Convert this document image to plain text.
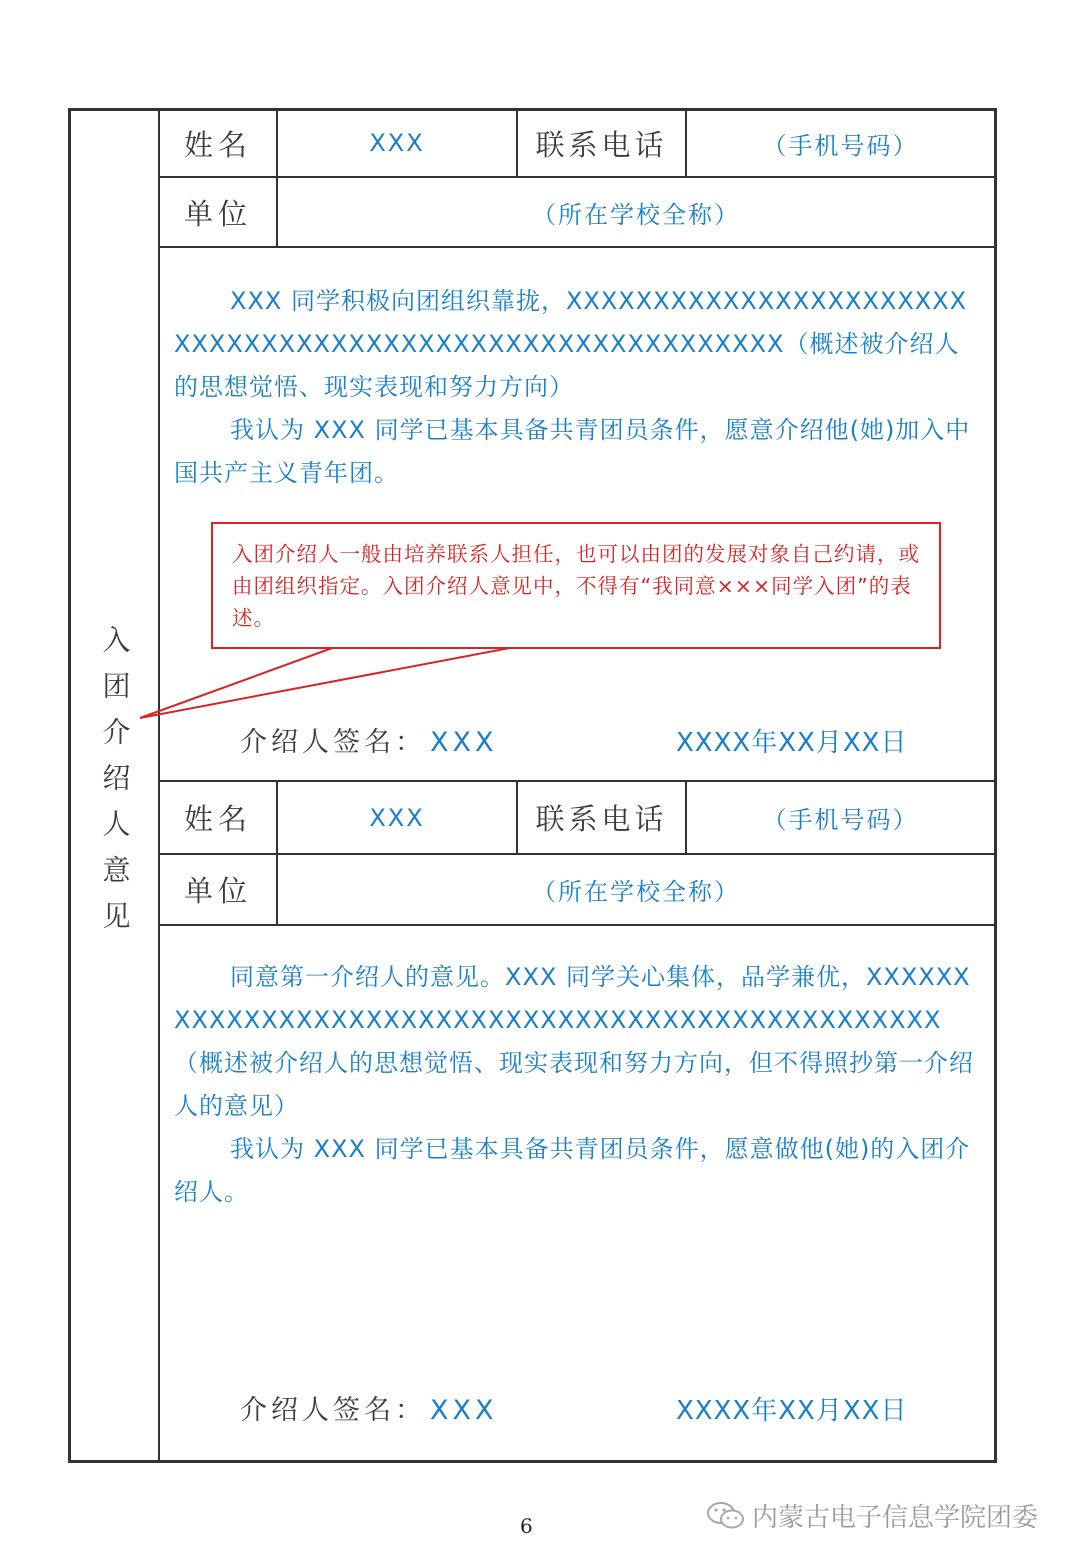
入团介绍人意见
姓名	XXX	联系电话	（手机号码）
单位	（所在学校全称）

XXX 同学积极向团组织靠拢，XXXXXXXXXXXXXXXXXXXXXXXXXXXXXXXXXXXXXXXXXXXXXXXXXXXXXXXXXX（概述被介绍人的思想觉悟、现实表现和努力方向）

我认为 XXX 同学已基本具备共青团员条件，愿意介绍他(她)加入中国共产主义青年团。

入团介绍人一般由培养联系人担任，也可以由团的发展对象自己约请，或由团组织指定。入团介绍人意见中，不得有“我同意×××同学入团”的表述。
介绍人签名： XXX	XXXX年XX月XX日
姓名	XXX	联系电话	（手机号码）
单位	（所在学校全称）

同意第一介绍人的意见。XXX 同学关心集体，品学兼优，XXXXXXXXXXXXXXXXXXXXXXXXXXXXXXXXXXXXXXXXXXXXXXXXXX（概述被介绍人的思想觉悟、现实表现和努力方向，但不得照抄第一介绍人的意见）

我认为 XXX 同学已基本具备共青团员条件，愿意做他(她)的入团介绍人。

介绍人签名： XXX	XXXX年XX月XX日
6	内蒙古电子信息学院团委
